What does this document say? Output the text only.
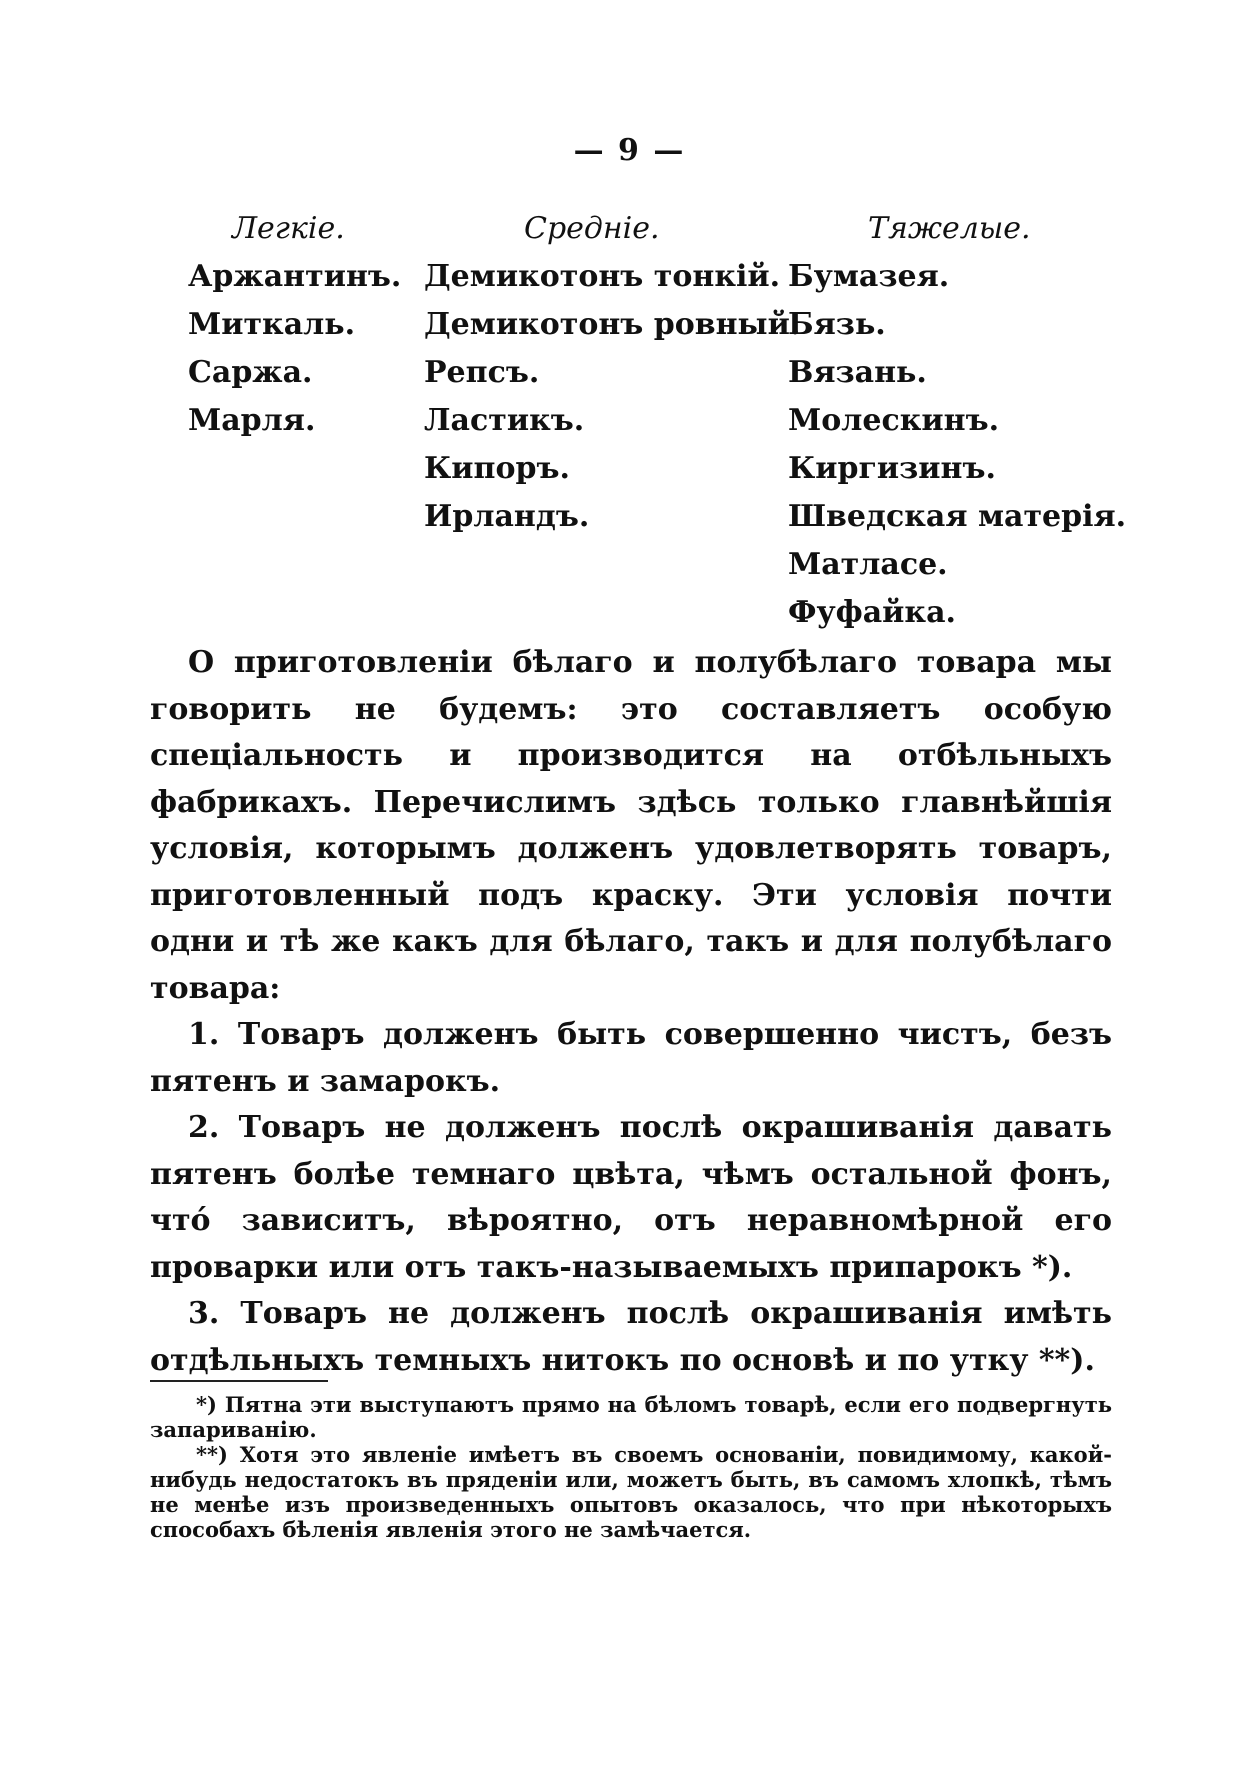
— 9 —
Легкіе.
Аржантинъ.
Миткаль.
Саржа.
Марля.
Средніе.
Демикотонъ тонкій.
Демикотонъ ровный.
Репсъ.
Ластикъ.
Кипоръ.
Ирландъ.
Тяжелые.
Бумазея.
Бязь.
Вязань.
Молескинъ.
Киргизинъ.
Шведская матерія.
Матласе.
Фуфайка.

О приготовленіи бѣлаго и полубѣлаго товара мы говорить не будемъ: это составляетъ особую спеціальность и производится на отбѣльныхъ фабрикахъ. Перечислимъ здѣсь только главнѣйшія условія, которымъ долженъ удовлетворять товаръ, приготовленный подъ краску. Эти условія почти одни и тѣ же какъ для бѣлаго, такъ и для полубѣлаго товара:

1. Товаръ долженъ быть совершенно чистъ, безъ пятенъ и замарокъ.

2. Товаръ не долженъ послѣ окрашиванія давать пятенъ болѣе темнаго цвѣта, чѣмъ остальной фонъ, чтó зависитъ, вѣроятно, отъ неравномѣрной его проварки или отъ такъ-называемыхъ припарокъ *).

3. Товаръ не долженъ послѣ окрашиванія имѣть отдѣльныхъ темныхъ нитокъ по основѣ и по утку **).

*) Пятна эти выступаютъ прямо на бѣломъ товарѣ, если его подвергнуть запариванію.

**) Хотя это явленіе имѣетъ въ своемъ основаніи, повидимому, какой-нибудь недостатокъ въ прядeніи или, можетъ быть, въ самомъ хлопкѣ, тѣмъ не менѣе изъ произведенныхъ опытовъ оказалось, что при нѣкоторыхъ способахъ бѣленія явленія этого не замѣчается.
